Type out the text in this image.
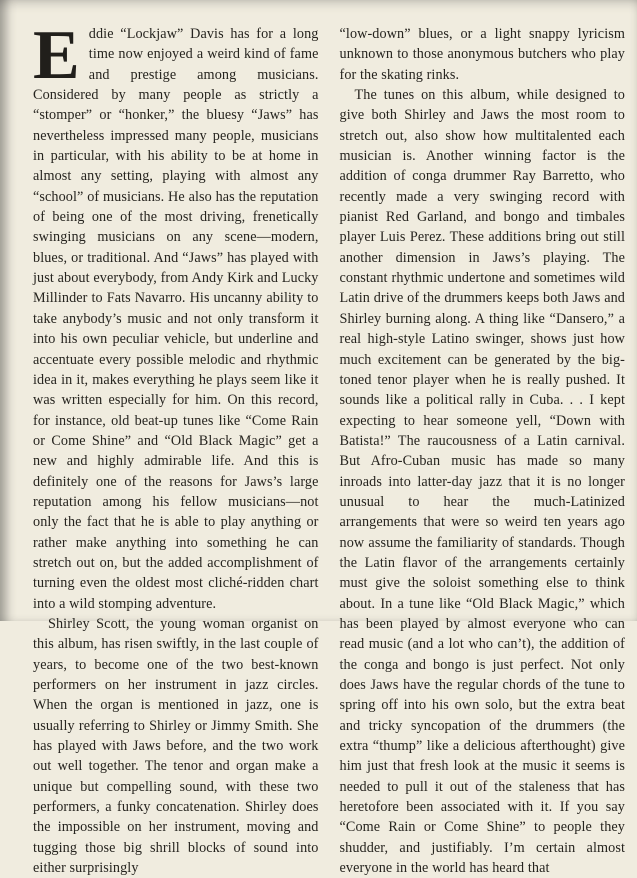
Eddie “Lockjaw” Davis has for a long time now enjoyed a weird kind of fame and prestige among musicians. Considered by many people as strictly a “stomper” or “honker,” the bluesy “Jaws” has nevertheless impressed many people, musicians in particular, with his ability to be at home in almost any setting, playing with almost any “school” of musicians. He also has the reputation of being one of the most driving, frenetically swinging musicians on any scene—modern, blues, or traditional. And “Jaws” has played with just about everybody, from Andy Kirk and Lucky Millinder to Fats Navarro. His uncanny ability to take anybody’s music and not only transform it into his own peculiar vehicle, but underline and accentuate every possible melodic and rhythmic idea in it, makes everything he plays seem like it was written especially for him. On this record, for instance, old beat-up tunes like “Come Rain or Come Shine” and “Old Black Magic” get a new and highly admirable life. And this is definitely one of the reasons for Jaws’s large reputation among his fellow musicians—not only the fact that he is able to play anything or rather make anything into something he can stretch out on, but the added accomplishment of turning even the oldest most cliché-ridden chart into a wild stomping adventure.

Shirley Scott, the young woman organist on this album, has risen swiftly, in the last couple of years, to become one of the two best-known performers on her instrument in jazz circles. When the organ is mentioned in jazz, one is usually referring to Shirley or Jimmy Smith. She has played with Jaws before, and the two work out well together. The tenor and organ make a unique but compelling sound, with these two performers, a funky concatenation. Shirley does the impossible on her instrument, moving and tugging those big shrill blocks of sound into either surprisingly

“low-down” blues, or a light snappy lyricism unknown to those anonymous butchers who play for the skating rinks.

The tunes on this album, while designed to give both Shirley and Jaws the most room to stretch out, also show how multitalented each musician is. Another winning factor is the addition of conga drummer Ray Barretto, who recently made a very swinging record with pianist Red Garland, and bongo and timbales player Luis Perez. These additions bring out still another dimension in Jaws’s playing. The constant rhythmic undertone and sometimes wild Latin drive of the drummers keeps both Jaws and Shirley burning along. A thing like “Dansero,” a real high-style Latino swinger, shows just how much excitement can be generated by the big-toned tenor player when he is really pushed. It sounds like a political rally in Cuba. . . I kept expecting to hear someone yell, “Down with Batista!” The raucousness of a Latin carnival. But Afro-Cuban music has made so many inroads into latter-day jazz that it is no longer unusual to hear the much-Latinized arrangements that were so weird ten years ago now assume the familiarity of standards. Though the Latin flavor of the arrangements certainly must give the soloist something else to think about. In a tune like “Old Black Magic,” which has been played by almost everyone who can read music (and a lot who can’t), the addition of the conga and bongo is just perfect. Not only does Jaws have the regular chords of the tune to spring off into his own solo, but the extra beat and tricky syncopation of the drummers (the extra “thump” like a delicious afterthought) give him just that fresh look at the music it seems is needed to pull it out of the staleness that has heretofore been associated with it. If you say “Come Rain or Come Shine” to people they shudder, and justifiably. I’m certain almost everyone in the world has heard that
